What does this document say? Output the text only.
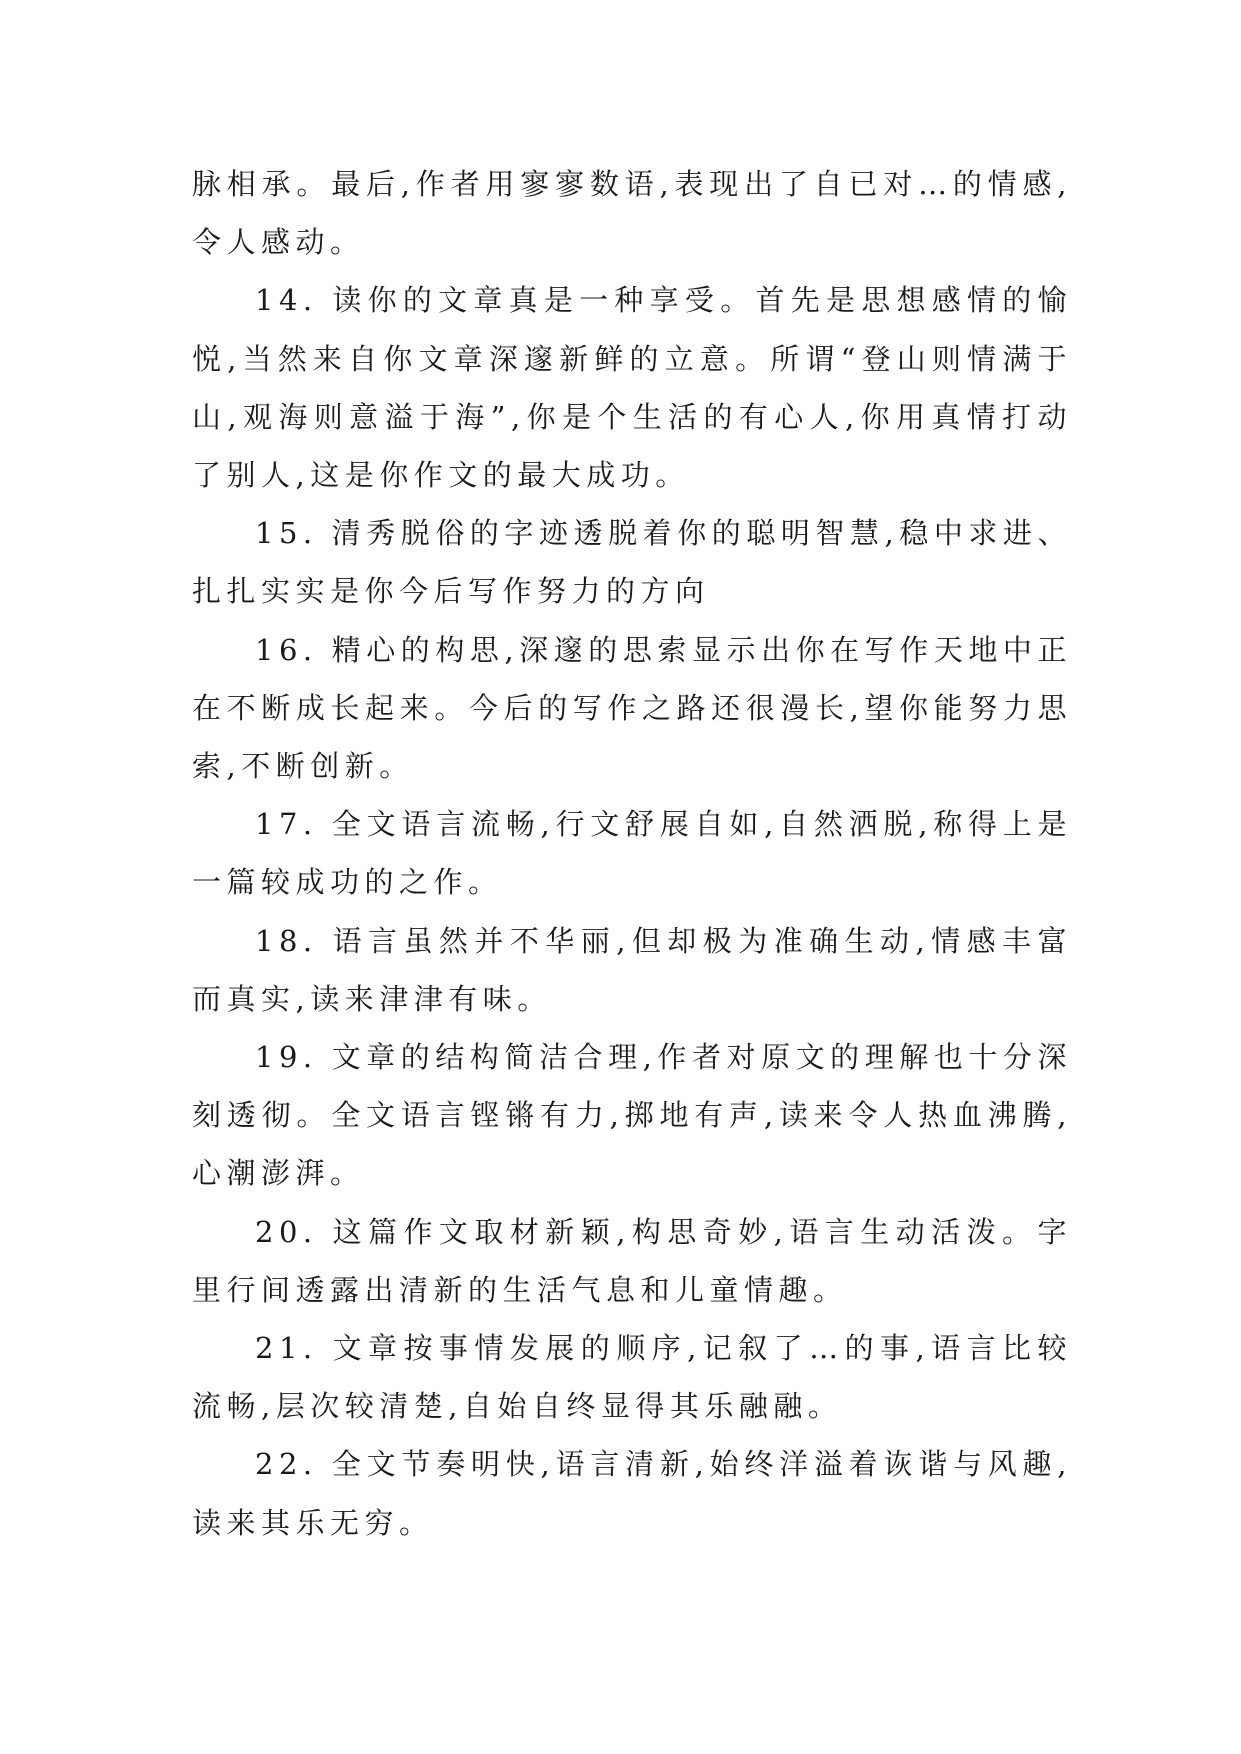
脉相承。最后,作者用寥寥数语,表现出了自已对…的情感,令人感动。

14. 读你的文章真是一种享受。首先是思想感情的愉悦,当然来自你文章深邃新鲜的立意。所谓“登山则情满于山,观海则意溢于海”,你是个生活的有心人,你用真情打动了别人,这是你作文的最大成功。

15. 清秀脱俗的字迹透脱着你的聪明智慧,稳中求进、扎扎实实是你今后写作努力的方向

16. 精心的构思,深邃的思索显示出你在写作天地中正在不断成长起来。今后的写作之路还很漫长,望你能努力思索,不断创新。

17. 全文语言流畅,行文舒展自如,自然洒脱,称得上是一篇较成功的之作。

18. 语言虽然并不华丽,但却极为准确生动,情感丰富而真实,读来津津有味。

19. 文章的结构简洁合理,作者对原文的理解也十分深刻透彻。全文语言铿锵有力,掷地有声,读来令人热血沸腾,心潮澎湃。

20. 这篇作文取材新颖,构思奇妙,语言生动活泼。字里行间透露出清新的生活气息和儿童情趣。

21. 文章按事情发展的顺序,记叙了…的事,语言比较流畅,层次较清楚,自始自终显得其乐融融。

22. 全文节奏明快,语言清新,始终洋溢着诙谐与风趣,读来其乐无穷。
